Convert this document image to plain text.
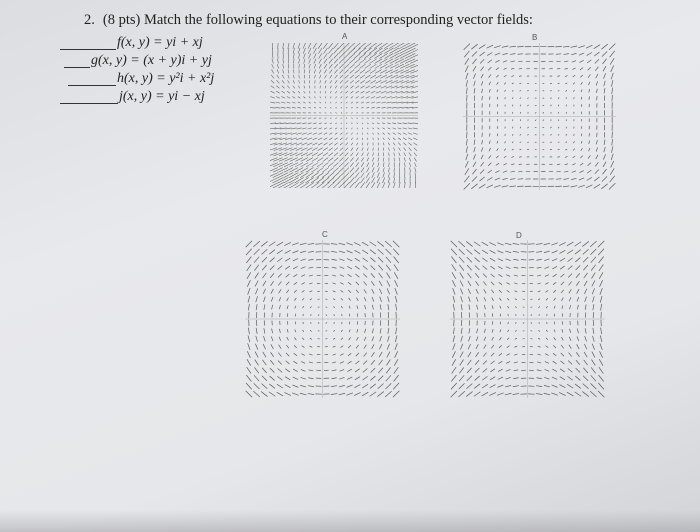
2. (8 pts) Match the following equations to their corresponding vector fields:
f(x, y) = yi + xj
g(x, y) = (x + y)i + yj
h(x, y) = y²i + x²j
j(x, y) = yi − xj
A	B
C	D
